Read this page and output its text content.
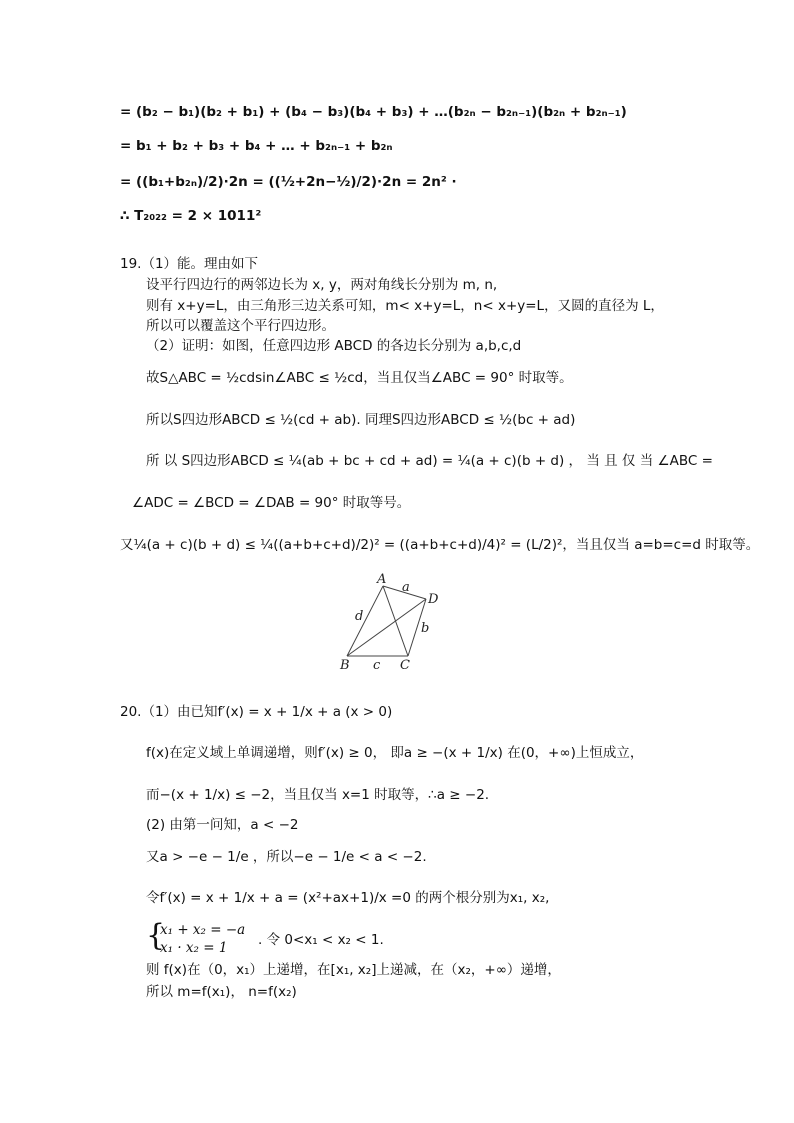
= (b₂ − b₁)(b₂ + b₁) + (b₄ − b₃)(b₄ + b₃) + …(b₂ₙ − b₂ₙ₋₁)(b₂ₙ + b₂ₙ₋₁)
= b₁ + b₂ + b₃ + b₄ + … + b₂ₙ₋₁ + b₂ₙ
= ((b₁+b₂ₙ)/2)·2n = ((½+2n−½)/2)·2n = 2n² ·
∴ T₂₀₂₂ = 2 × 1011²
19.（1）能。理由如下
设平行四边行的两邻边长为 x, y，两对角线长分别为 m, n,
则有 x+y=L，由三角形三边关系可知，m< x+y=L，n< x+y=L，又圆的直径为 L，
所以可以覆盖这个平行四边形。
（2）证明：如图，任意四边形 ABCD 的各边长分别为 a,b,c,d
故S△ABC = ½cdsin∠ABC ≤ ½cd，当且仅当∠ABC = 90° 时取等。
所以S四边形ABCD ≤ ½(cd + ab). 同理S四边形ABCD ≤ ½(bc + ad)
所 以 S四边形ABCD ≤ ¼(ab + bc + cd + ad) = ¼(a + c)(b + d) ， 当 且 仅 当 ∠ABC =
∠ADC = ∠BCD = ∠DAB = 90° 时取等号。
又¼(a + c)(b + d) ≤ ¼((a+b+c+d)/2)² = ((a+b+c+d)/4)² = (L/2)²，当且仅当 a=b=c=d 时取等。
A
D
B	C
a
b
c
d
20.（1）由已知f′(x) = x + 1/x + a (x > 0)
f(x)在定义域上单调递增，则f′(x) ≥ 0， 即a ≥ −(x + 1/x) 在(0，+∞)上恒成立，
而−(x + 1/x) ≤ −2，当且仅当 x=1 时取等，∴a ≥ −2.
(2) 由第一问知，a < −2
又a > −e − 1/e ，所以−e − 1/e < a < −2.
令f′(x) = x + 1/x + a = (x²+ax+1)/x =0 的两个根分别为x₁, x₂,
{
x₁ + x₂ = −a
x₁ · x₂ = 1 . 令 0<x₁ < x₂ < 1.
则 f(x)在（0，x₁）上递增，在[x₁, x₂]上递减，在（x₂，+∞）递增，
所以 m=f(x₁)， n=f(x₂)
